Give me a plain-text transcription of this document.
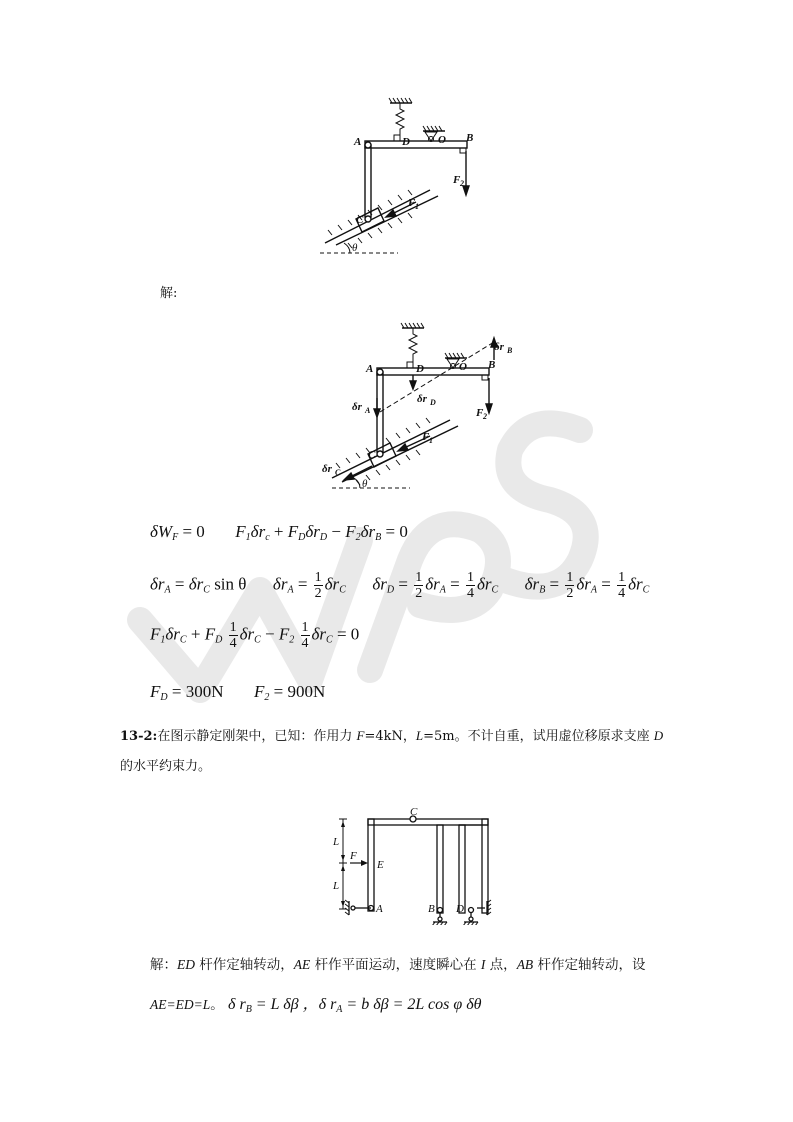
A	D	O B
C
F 1
F 2
θ
解:
A	D	O B
C
δr B
δr D
δr A
F 1
F 2
δr C
θ
$\delta W_F = 0$ $F_1\delta r_c + F_D\delta r_D - F_2\delta r_B = 0$
$\delta r_A = \delta r_C$ sin θ $\delta r_A = \frac{1}{2} \delta r_C$ $\delta r_D = \frac{1}{2} \delta r_A = \frac{1}{4} \delta r_C$ $\delta r_B = \frac{1}{2} \delta r_A = \frac{1}{4} \delta r_C$
$F_1\delta r_C + F_D \frac{1}{4} \delta r_C - F_2 \frac{1}{4} \delta r_C = 0$
$F_D = 300N$ $F_2 = 900N$
13-2:在图示静定刚架中，已知：作用力 F=4kN，L=5m。不计自重，试用虚位移原求支座 D
的水平约束力。
C
E
F
L
L
A	B D
解：ED 杆作定轴转动，AE 杆作平面运动，速度瞬心在 I 点，AB 杆作定轴转动，设
AE=ED=L。 δ $r_B = L$ δβ ，δ $r_A = b$ δβ = 2L cos φ δθ
